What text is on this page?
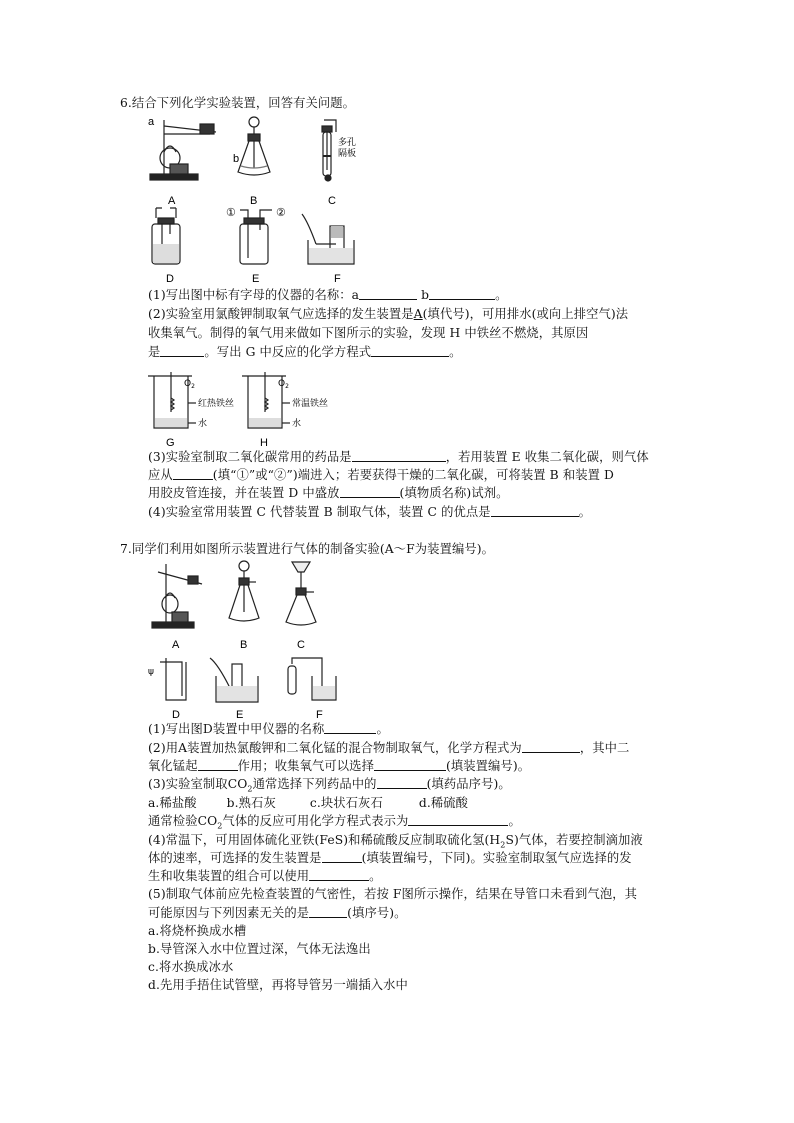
6.结合下列化学实验装置，回答有关问题。
a
A
b
B
多孔
隔板
C
D
①	②
E	F
(1)写出图中标有字母的仪器的名称：a	b	。
(2)实验室用氯酸钾制取氧气应选择的发生装置是A(填代号)，可用排水(或向上排空气)法
收集氧气。制得的氧气用来做如下图所示的实验，发现 H 中铁丝不燃烧，其原因
是	。写出 G 中反应的化学方程式	。
$O_2$
红热铁丝
水
G
$O_2$
常温铁丝
水
H
(3)实验室制取二氧化碳常用的药品是	，若用装置 E 收集二氧化碳，则气体
应从	(填“①”或“②”)端进入；若要获得干燥的二氧化碳，可将装置 B 和装置 D
用胶皮管连接，并在装置 D 中盛放	(填物质名称)试剂。
(4)实验室常用装置 C 代替装置 B 制取气体，装置 C 的优点是	。
7.同学们利用如图所示装置进行气体的制备实验(A～F为装置编号)。
A	B	C
ψ
D	E	F
(1)写出图D装置中甲仪器的名称	。
(2)用A装置加热氯酸钾和二氧化锰的混合物制取氧气，化学方程式为	，其中二
氧化锰起	作用；收集氧气可以选择	(填装置编号)。
(3)实验室制取$CO_2$通常选择下列药品中的	(填药品序号)。
a.稀盐酸 b.熟石灰	c.块状石灰石	d.稀硫酸
通常检验$CO_2$气体的反应可用化学方程式表示为	。
(4)常温下，可用固体硫化亚铁(FeS)和稀硫酸反应制取硫化氢$(H_2S)$气体，若要控制滴加液
体的速率，可选择的发生装置是	(填装置编号，下同)。实验室制取氢气应选择的发
生和收集装置的组合可以使用	。
(5)制取气体前应先检查装置的气密性，若按 F图所示操作，结果在导管口未看到气泡，其
可能原因与下列因素无关的是	(填序号)。
a.将烧杯换成水槽
b.导管深入水中位置过深，气体无法逸出
c.将水换成冰水
d.先用手捂住试管壁，再将导管另一端插入水中
